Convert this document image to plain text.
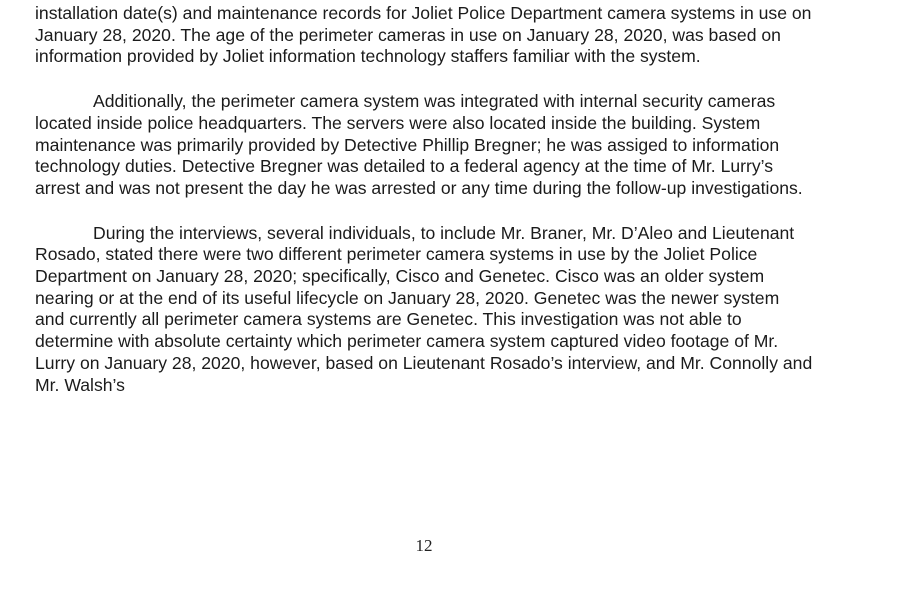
installation date(s) and maintenance records for Joliet Police Department camera systems in use on January 28, 2020. The age of the perimeter cameras in use on January 28, 2020, was based on information provided by Joliet information technology staffers familiar with the system.

Additionally, the perimeter camera system was integrated with internal security cameras located inside police headquarters. The servers were also located inside the building. System maintenance was primarily provided by Detective Phillip Bregner; he was assiged to information technology duties. Detective Bregner was detailed to a federal agency at the time of Mr. Lurry’s arrest and was not present the day he was arrested or any time during the follow-up investigations.

During the interviews, several individuals, to include Mr. Braner, Mr. D’Aleo and Lieutenant Rosado, stated there were two different perimeter camera systems in use by the Joliet Police Department on January 28, 2020; specifically, Cisco and Genetec. Cisco was an older system nearing or at the end of its useful lifecycle on January 28, 2020. Genetec was the newer system and currently all perimeter camera systems are Genetec. This investigation was not able to determine with absolute certainty which perimeter camera system captured video footage of Mr. Lurry on January 28, 2020, however, based on Lieutenant Rosado’s interview, and Mr. Connolly and Mr. Walsh’s

12
